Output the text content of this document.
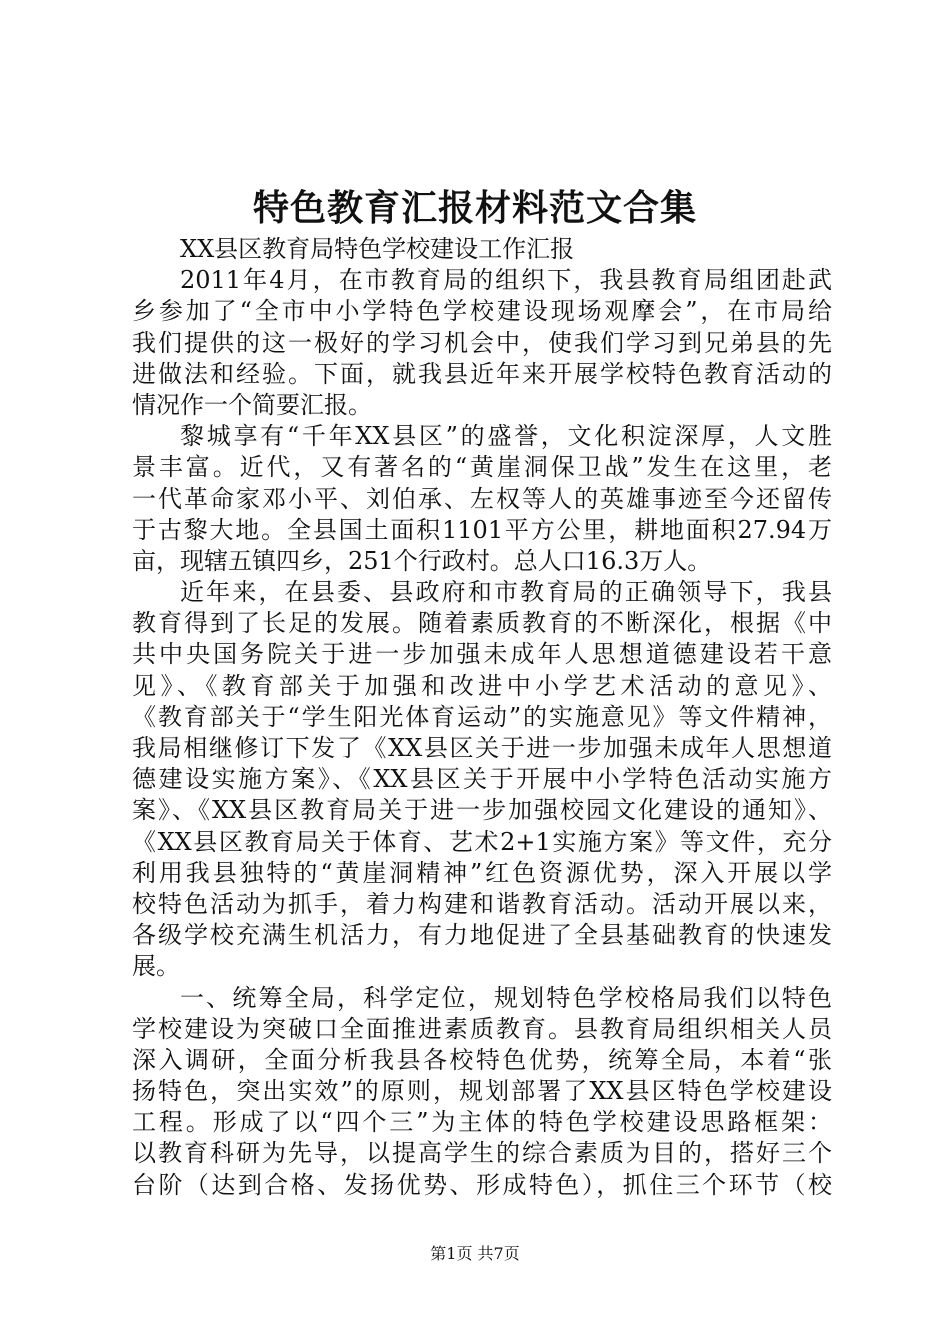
特色教育汇报材料范文合集
XX县区教育局特色学校建设工作汇报
2011年4月，在市教育局的组织下，我县教育局组团赴武
乡参加了“全市中小学特色学校建设现场观摩会”，在市局给
我们提供的这一极好的学习机会中，使我们学习到兄弟县的先
进做法和经验。下面，就我县近年来开展学校特色教育活动的
情况作一个简要汇报。
黎城享有“千年XX县区”的盛誉，文化积淀深厚，人文胜
景丰富。近代，又有著名的“黄崖洞保卫战”发生在这里，老
一代革命家邓小平、刘伯承、左权等人的英雄事迹至今还留传
于古黎大地。全县国土面积1101平方公里，耕地面积27.94万
亩，现辖五镇四乡，251个行政村。总人口16.3万人。
近年来，在县委、县政府和市教育局的正确领导下，我县
教育得到了长足的发展。随着素质教育的不断深化，根据《中
共中央国务院关于进一步加强未成年人思想道德建设若干意
见》、《教育部关于加强和改进中小学艺术活动的意见》、
《教育部关于“学生阳光体育运动”的实施意见》等文件精神，
我局相继修订下发了《XX县区关于进一步加强未成年人思想道
德建设实施方案》、《XX县区关于开展中小学特色活动实施方
案》、《XX县区教育局关于进一步加强校园文化建设的通知》、
《XX县区教育局关于体育、艺术2+1实施方案》等文件，充分
利用我县独特的“黄崖洞精神”红色资源优势，深入开展以学
校特色活动为抓手，着力构建和谐教育活动。活动开展以来，
各级学校充满生机活力，有力地促进了全县基础教育的快速发
展。
一、统筹全局，科学定位，规划特色学校格局我们以特色
学校建设为突破口全面推进素质教育。县教育局组织相关人员
深入调研，全面分析我县各校特色优势，统筹全局，本着“张
扬特色，突出实效”的原则，规划部署了XX县区特色学校建设
工程。形成了以“四个三”为主体的特色学校建设思路框架：
以教育科研为先导，以提高学生的综合素质为目的，搭好三个
台阶（达到合格、发扬优势、形成特色），抓住三个环节（校
第1页 共7页
